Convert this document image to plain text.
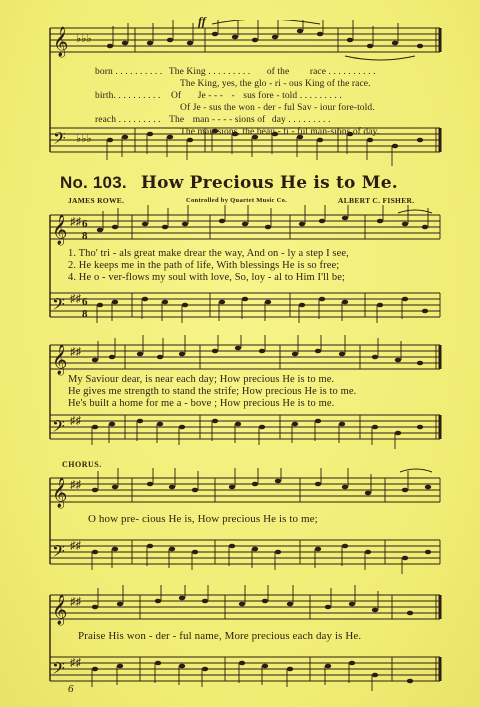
𝄞
𝄢
♭♭♭
♭♭♭
ff
born . . . . . . . . . . The King . . . . . . . . . of the race . . . . . . . . . .
The King, yes, the glo - ri - ous King of the race.
birth. . . . . . . . . . Of Je - - - - sus fore - told . . . . . . . . .
Of Je - sus the won - der - ful Sav - iour fore-told.
reach . . . . . . . . . The man - - - - sions of day . . . . . . . . .
The man-sions, the beau - ti - ful man-sions of day.
No. 103. How Precious He is to Me.
JAMES ROWE.	Controlled by Quartet Music Co.	ALBERT C. FISHER.
𝄞
𝄢
♯♯
♯♯
6
8
6
8
1. Tho' tri - als great make drear the way, And on - ly a step I see,
2. He keeps me in the path of life, With blessings He is so free;
4. He o - ver-flows my soul with love, So, loy - al to Him I'll be;
𝄞
𝄢
♯♯
♯♯
My Saviour dear, is near each day; How precious He is to me.
He gives me strength to stand the strife; How precious He is to me.
He's built a home for me a - bove ; How precious He is to me.
CHORUS.
𝄞
𝄢
♯♯
♯♯
O how pre- cious He is, How precious He is to me;
𝄞
𝄢
♯♯
♯♯
Praise His won - der - ful name, More precious each day is He.
6
